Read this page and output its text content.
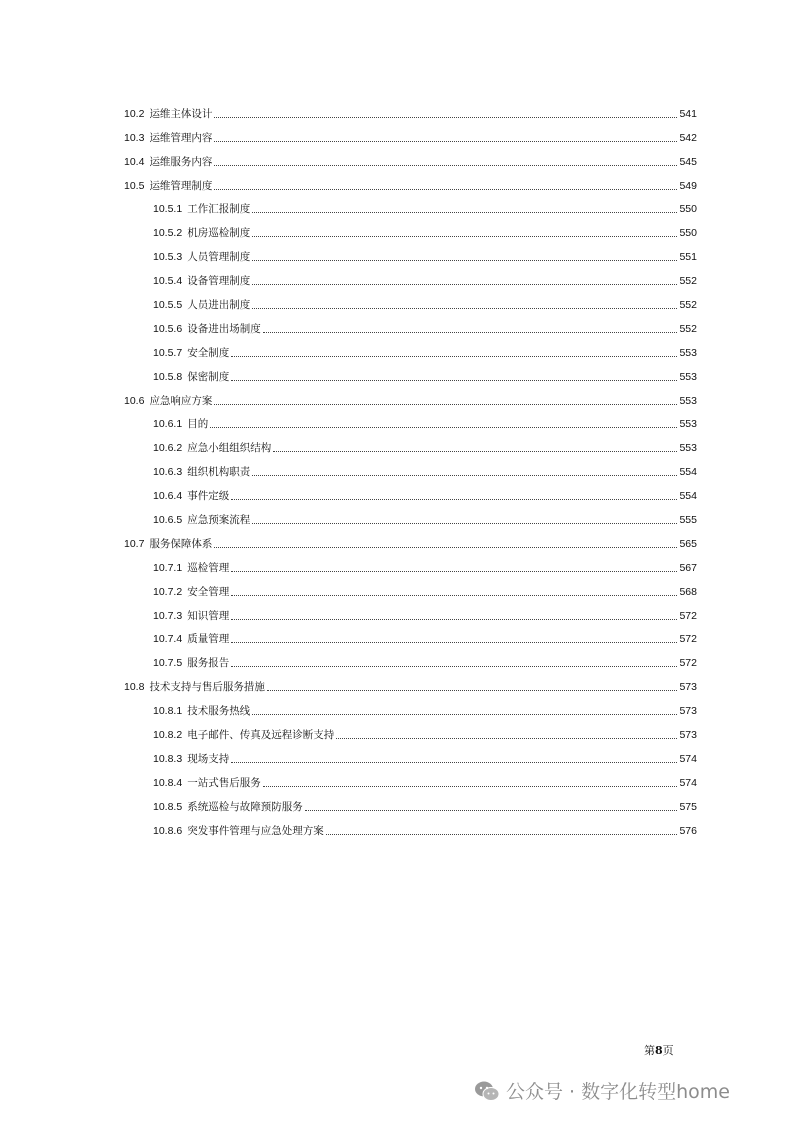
10.2 运维主体设计	541
10.3 运维管理内容	542
10.4 运维服务内容	545
10.5 运维管理制度	549
10.5.1 工作汇报制度	550
10.5.2 机房巡检制度	550
10.5.3 人员管理制度	551
10.5.4 设备管理制度	552
10.5.5 人员进出制度	552
10.5.6 设备进出场制度	552
10.5.7 安全制度	553
10.5.8 保密制度	553
10.6 应急响应方案	553
10.6.1 目的	553
10.6.2 应急小组组织结构	553
10.6.3 组织机构职责	554
10.6.4 事件定级	554
10.6.5 应急预案流程	555
10.7 服务保障体系	565
10.7.1 巡检管理	567
10.7.2 安全管理	568
10.7.3 知识管理	572
10.7.4 质量管理	572
10.7.5 服务报告	572
10.8 技术支持与售后服务措施	573
10.8.1 技术服务热线	573
10.8.2 电子邮件、传真及远程诊断支持	573
10.8.3 现场支持	574
10.8.4 一站式售后服务	574
10.8.5 系统巡检与故障预防服务	575
10.8.6 突发事件管理与应急处理方案	576
第8页
公众号 · 数字化转型home
